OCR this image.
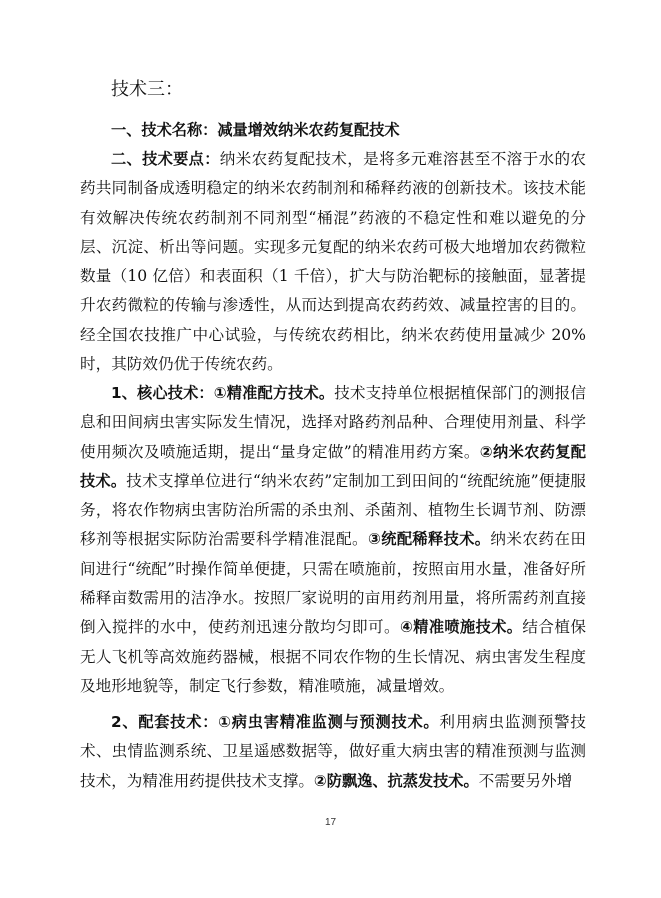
技术三：

一、技术名称：减量增效纳米农药复配技术

二、技术要点：纳米农药复配技术，是将多元难溶甚至不溶于水的农药共同制备成透明稳定的纳米农药制剂和稀释药液的创新技术。该技术能有效解决传统农药制剂不同剂型“桶混”药液的不稳定性和难以避免的分层、沉淀、析出等问题。实现多元复配的纳米农药可极大地增加农药微粒数量（10 亿倍）和表面积（1 千倍），扩大与防治靶标的接触面，显著提升农药微粒的传输与渗透性，从而达到提高农药药效、减量控害的目的。经全国农技推广中心试验，与传统农药相比，纳米农药使用量减少 20%时，其防效仍优于传统农药。

1、核心技术：①精准配方技术。技术支持单位根据植保部门的测报信息和田间病虫害实际发生情况，选择对路药剂品种、合理使用剂量、科学使用频次及喷施适期，提出“量身定做”的精准用药方案。②纳米农药复配技术。技术支撑单位进行“纳米农药”定制加工到田间的“统配统施”便捷服务，将农作物病虫害防治所需的杀虫剂、杀菌剂、植物生长调节剂、防漂移剂等根据实际防治需要科学精准混配。③统配稀释技术。纳米农药在田间进行“统配”时操作简单便捷，只需在喷施前，按照亩用水量，准备好所稀释亩数需用的洁净水。按照厂家说明的亩用药剂用量，将所需药剂直接倒入搅拌的水中，使药剂迅速分散均匀即可。④精准喷施技术。结合植保无人飞机等高效施药器械，根据不同农作物的生长情况、病虫害发生程度及地形地貌等，制定飞行参数，精准喷施，减量增效。

2、配套技术：①病虫害精准监测与预测技术。利用病虫监测预警技术、虫情监测系统、卫星遥感数据等，做好重大病虫害的精准预测与监测技术，为精准用药提供技术支撑。②防飘逸、抗蒸发技术。不需要另外增

17
